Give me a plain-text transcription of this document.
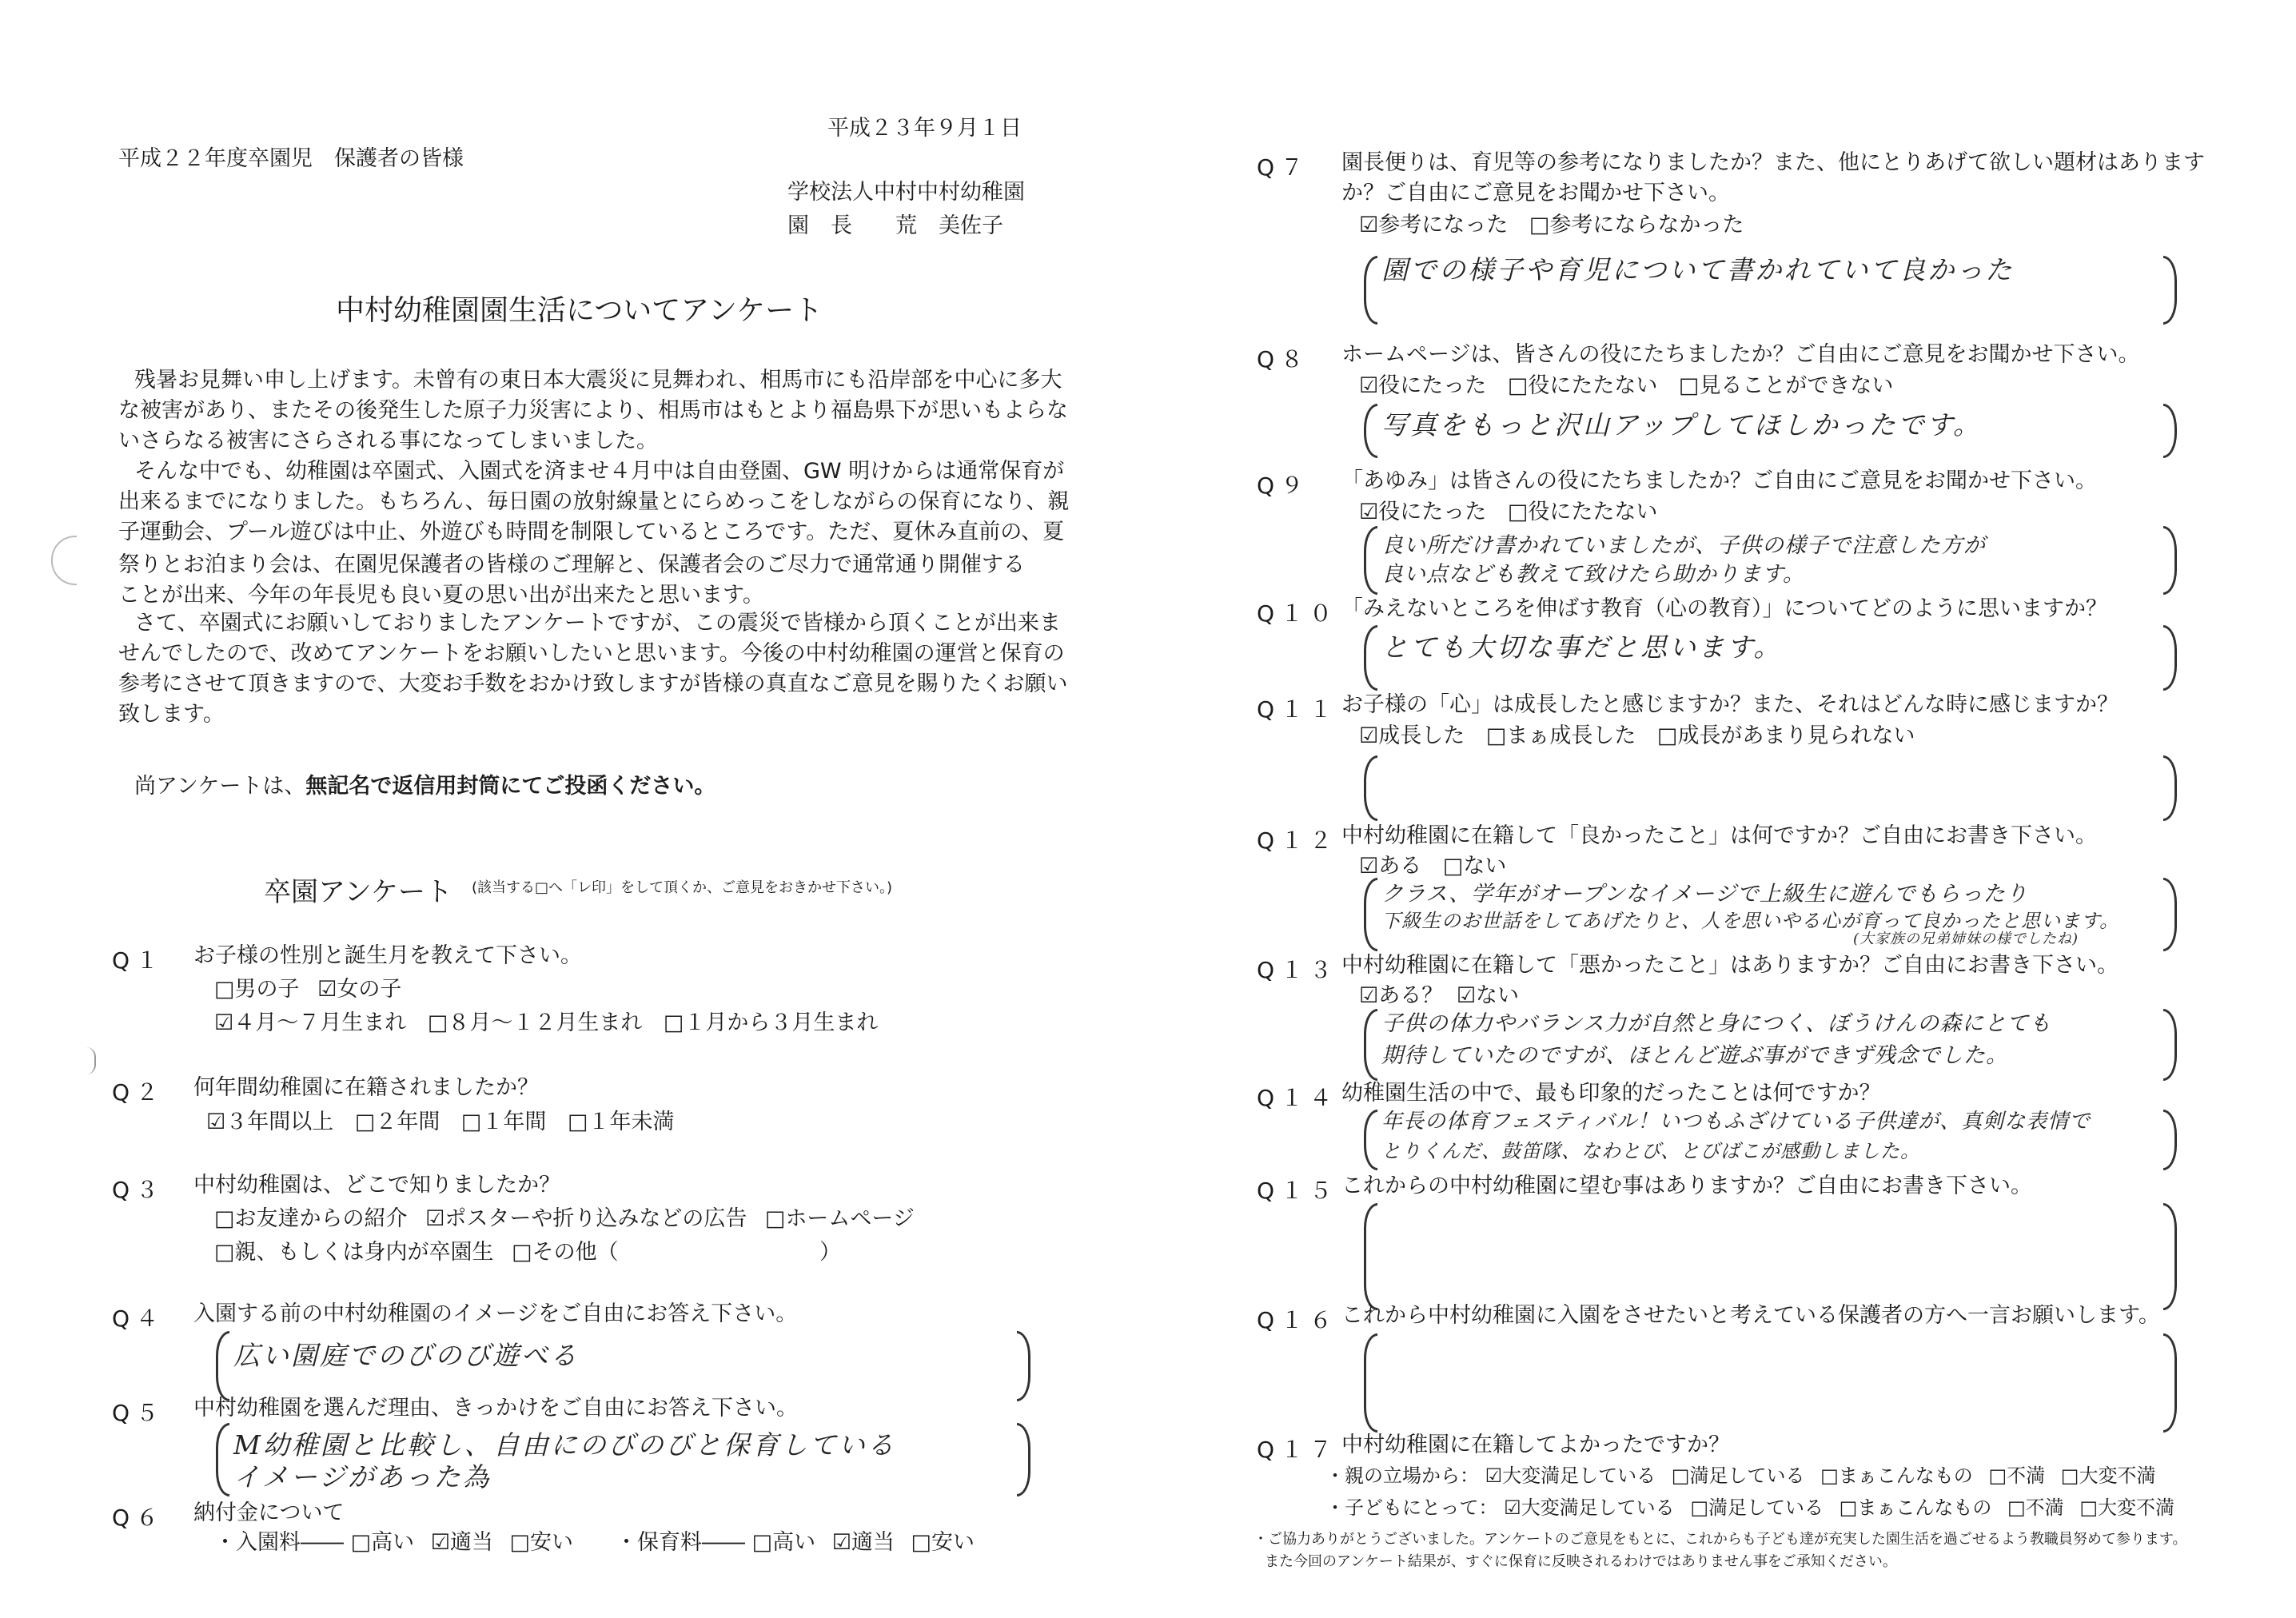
平成２３年９月１日
平成２２年度卒園児　保護者の皆様
学校法人中村中村幼稚園
園　長　　荒　美佐子
中村幼稚園園生活についてアンケート
残暑お見舞い申し上げます。未曾有の東日本大震災に見舞われ、相馬市にも沿岸部を中心に多大
な被害があり、またその後発生した原子力災害により、相馬市はもとより福島県下が思いもよらな
いさらなる被害にさらされる事になってしまいました。
そんな中でも、幼稚園は卒園式、入園式を済ませ４月中は自由登園、GW 明けからは通常保育が
出来るまでになりました。もちろん、毎日園の放射線量とにらめっこをしながらの保育になり、親
子運動会、プール遊びは中止、外遊びも時間を制限しているところです。ただ、夏休み直前の、夏
祭りとお泊まり会は、在園児保護者の皆様のご理解と、保護者会のご尽力で通常通り開催することが出来、今年の年長児も良い夏の思い出が出来たと思います。
さて、卒園式にお願いしておりましたアンケートですが、この震災で皆様から頂くことが出来ま
せんでしたので、改めてアンケートをお願いしたいと思います。今後の中村幼稚園の運営と保育の
参考にさせて頂きますので、大変お手数をおかけ致しますが皆様の真直なご意見を賜りたくお願い
致します。
尚アンケートは、無記名で返信用封筒にてご投函ください。
卒園アンケート (該当する□へ「レ印」をして頂くか、ご意見をおきかせ下さい。)
Q１ お子様の性別と誕生月を教えて下さい。
□男の子 ☑女の子
☑４月～７月生まれ □８月～１２月生まれ □１月から３月生まれ
Q２ 何年間幼稚園に在籍されましたか？
☑３年間以上 □２年間 □１年間 □１年未満
Q３ 中村幼稚園は、どこで知りましたか？
□お友達からの紹介 ☑ポスターや折り込みなどの広告 □ホームページ
□親、もしくは身内が卒園生 □その他（	）
Q４ 入園する前の中村幼稚園のイメージをご自由にお答え下さい。
広い園庭でのびのび遊べる
Q５ 中村幼稚園を選んだ理由、きっかけをご自由にお答え下さい。
M幼稚園と比較し、自由にのびのびと保育している
イメージがあった為
Q６ 納付金について
・入園料―― □高い ☑適当 □安い ・保育料―― □高い ☑適当 □安い
Q７ 園長便りは、育児等の参考になりましたか？また、他にとりあげて欲しい題材はあります
か？ご自由にご意見をお聞かせ下さい。
☑参考になった □参考にならなかった
園での様子や育児について書かれていて良かった
Q８ ホームページは、皆さんの役にたちましたか？ご自由にご意見をお聞かせ下さい。
☑役にたった □役にたたない □見ることができない
写真をもっと沢山アップしてほしかったです。
Q９ 「あゆみ」は皆さんの役にたちましたか？ご自由にご意見をお聞かせ下さい。
☑役にたった □役にたたない
良い所だけ書かれていましたが、子供の様子で注意した方が
良い点なども教えて致けたら助かります。
Q１０ 「みえないところを伸ばす教育（心の教育）」についてどのように思いますか？
とても大切な事だと思います。
Q１１ お子様の「心」は成長したと感じますか？また、それはどんな時に感じますか？
☑成長した □まぁ成長した □成長があまり見られない
Q１２ 中村幼稚園に在籍して「良かったこと」は何ですか？ご自由にお書き下さい。
☑ある □ない
クラス、学年がオープンなイメージで上級生に遊んでもらったり
下級生のお世話をしてあげたりと、人を思いやる心が育って良かったと思います。
(大家族の兄弟姉妹の様でしたね)
Q１３ 中村幼稚園に在籍して「悪かったこと」はありますか？ご自由にお書き下さい。
☑ある？ ☑ない
子供の体力やバランス力が自然と身につく、ぼうけんの森にとても
期待していたのですが、ほとんど遊ぶ事ができず残念でした。
Q１４ 幼稚園生活の中で、最も印象的だったことは何ですか？
年長の体育フェスティバル！いつもふざけている子供達が、真剣な表情で
とりくんだ、鼓笛隊、なわとび、とびばこが感動しました。
Q１５ これからの中村幼稚園に望む事はありますか？ご自由にお書き下さい。
Q１６ これから中村幼稚園に入園をさせたいと考えている保護者の方へ一言お願いします。
Q１７ 中村幼稚園に在籍してよかったですか？
・親の立場から： ☑大変満足している □満足している □まぁこんなもの □不満 □大変不満
・子どもにとって： ☑大変満足している □満足している □まぁこんなもの □不満 □大変不満
・ご協力ありがとうございました。アンケートのご意見をもとに、これからも子ども達が充実した園生活を過ごせるよう教職員努めて参ります。
また今回のアンケート結果が、すぐに保育に反映されるわけではありません事をご承知ください。
